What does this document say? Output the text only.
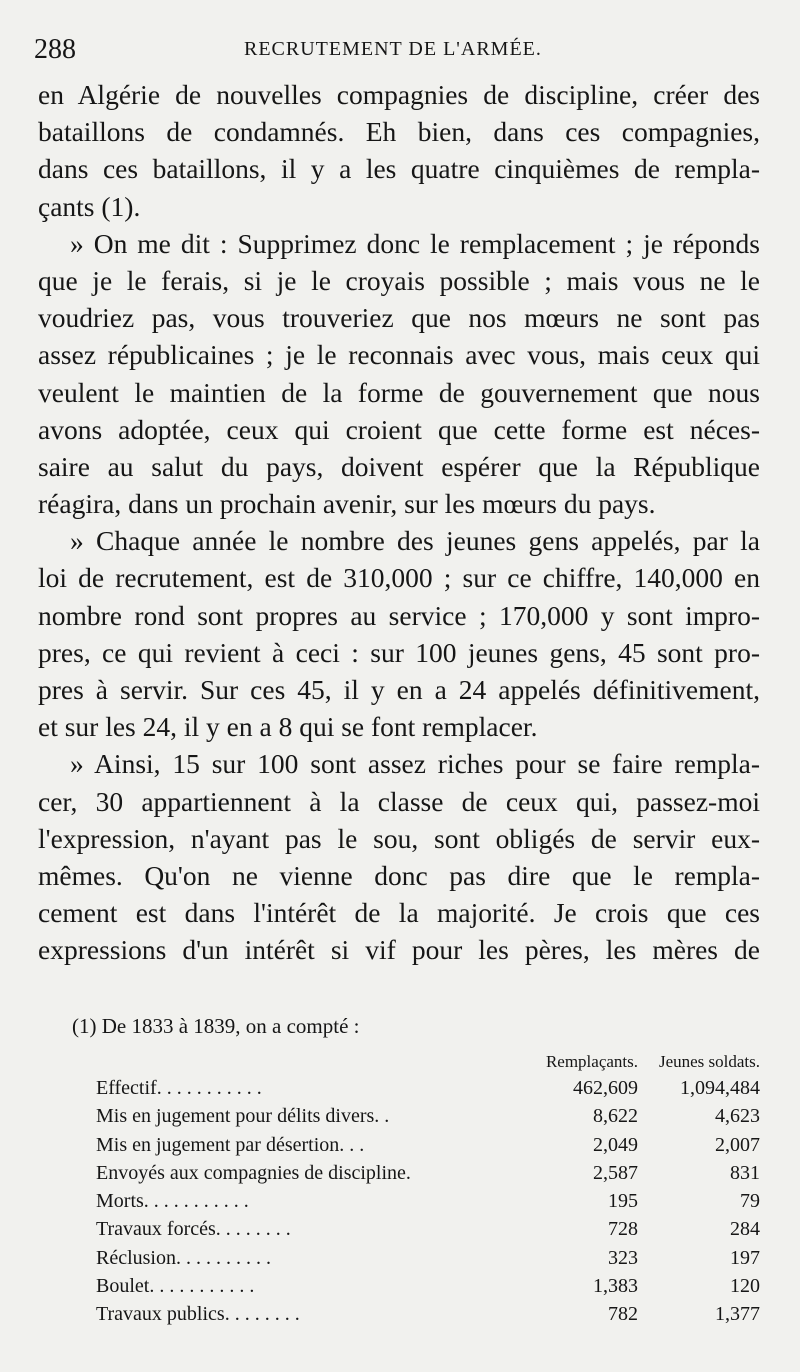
288	RECRUTEMENT DE L'ARMÉE.
en Algérie de nouvelles compagnies de discipline, créer des
bataillons de condamnés. Eh bien, dans ces compagnies,
dans ces bataillons, il y a les quatre cinquièmes de rempla-
çants (1).
» On me dit : Supprimez donc le remplacement ; je réponds
que je le ferais, si je le croyais possible ; mais vous ne le
voudriez pas, vous trouveriez que nos mœurs ne sont pas
assez républicaines ; je le reconnais avec vous, mais ceux qui
veulent le maintien de la forme de gouvernement que nous
avons adoptée, ceux qui croient que cette forme est néces-
saire au salut du pays, doivent espérer que la République
réagira, dans un prochain avenir, sur les mœurs du pays.
» Chaque année le nombre des jeunes gens appelés, par la
loi de recrutement, est de 310,000 ; sur ce chiffre, 140,000 en
nombre rond sont propres au service ; 170,000 y sont impro-
pres, ce qui revient à ceci : sur 100 jeunes gens, 45 sont pro-
pres à servir. Sur ces 45, il y en a 24 appelés définitivement,
et sur les 24, il y en a 8 qui se font remplacer.
» Ainsi, 15 sur 100 sont assez riches pour se faire rempla-
cer, 30 appartiennent à la classe de ceux qui, passez-moi
l'expression, n'ayant pas le sou, sont obligés de servir eux-
mêmes. Qu'on ne vienne donc pas dire que le rempla-
cement est dans l'intérêt de la majorité. Je crois que ces
expressions d'un intérêt si vif pour les pères, les mères de
(1) De 1833 à 1839, on a compté :
	Remplaçants.	Jeunes soldats.
Effectif. . . . . . . . . . .	462,609	1,094,484
Mis en jugement pour délits divers. .	8,622	4,623
Mis en jugement par désertion. . .	2,049	2,007
Envoyés aux compagnies de discipline.	2,587	831
Morts. . . . . . . . . . .	195	79
Travaux forcés. . . . . . . .	728	284
Réclusion. . . . . . . . . .	323	197
Boulet. . . . . . . . . . .	1,383	120
Travaux publics. . . . . . . .	782	1,377
